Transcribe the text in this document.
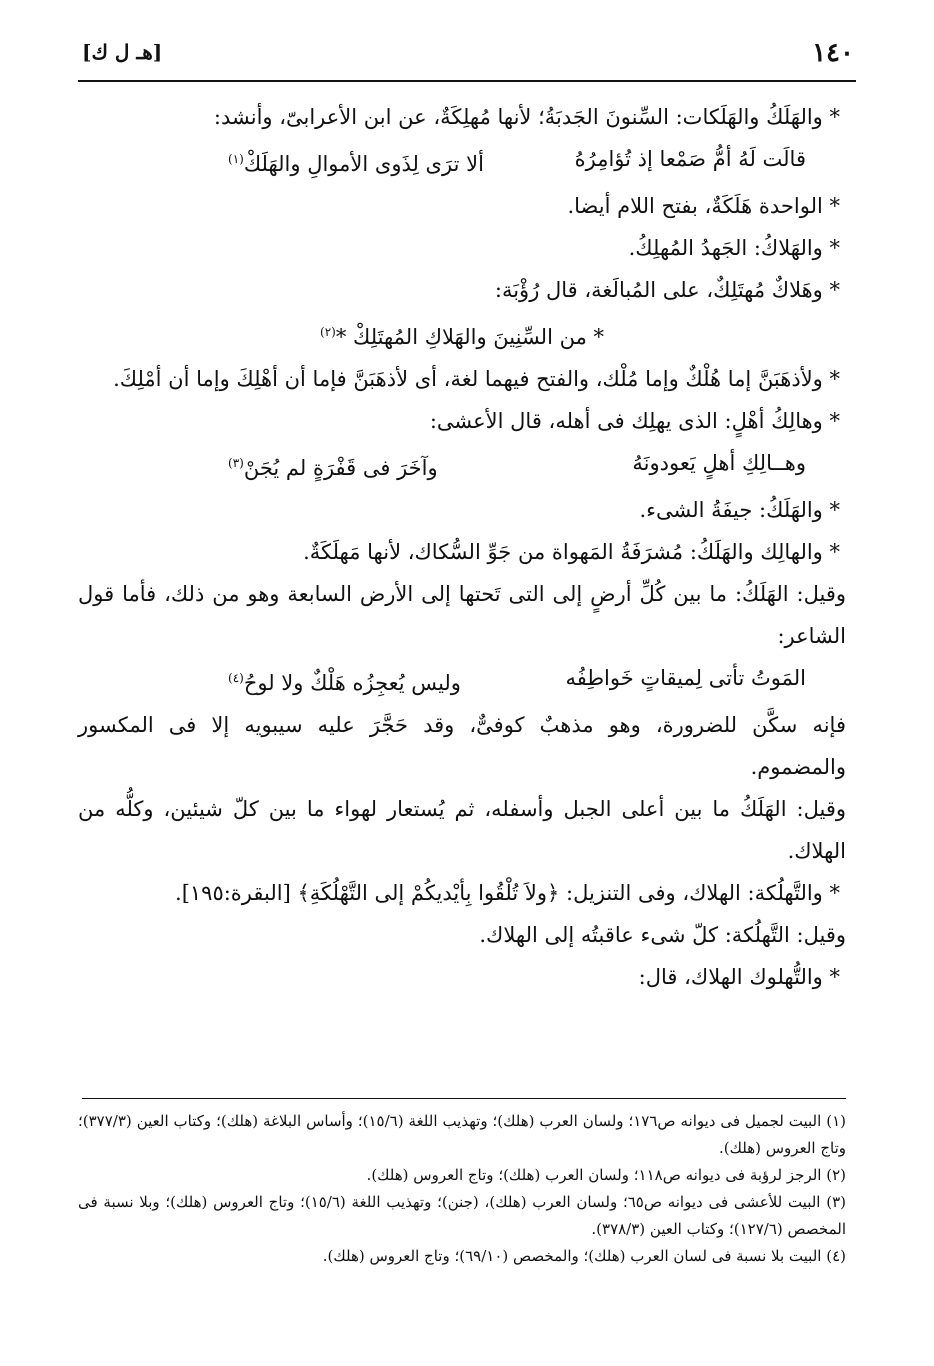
١٤٠
[هـ ل ك]

* والهَلَكُ والهَلَكات: السِّنونَ الجَدبَةُ؛ لأنها مُهلِكَةٌ، عن ابن الأعرابىّ، وأنشد:

قالَت لَهُ أمُّ صَمْعا إذ تُؤامِرُهُ
ألا ترَى لِذَوى الأموالِ والهَلَكْ$^{(١)}$

* الواحدة هَلَكَةٌ، بفتح اللام أيضا.

* والهَلاكُ: الجَهدُ المُهلِكُ.

* وهَلاكٌ مُهتَلِكٌ، على المُبالَغة، قال رُؤْبَة:

* من السِّنِينَ والهَلاكِ المُهتَلِكْ *$^{(٢)}$

* ولأذهَبَنَّ إما هُلْكٌ وإما مُلْك، والفتح فيهما لغة، أى لأذهَبَنَّ فإما أن أهْلِكَ وإما أن أمْلِكَ.

* وهالِكُ أهْلٍ: الذى يهلِك فى أهله، قال الأعشى:

وهــالِكِ أهلٍ يَعودونَهُ
وآخَرَ فى قَفْرَةٍ لم يُجَنْ$^{(٣)}$

* والهَلَكُ: جيفَةُ الشىء.

* والهالِك والهَلَكُ: مُشرَفَةُ المَهواة من جَوِّ السُّكاك، لأنها مَهلَكَةٌ.

وقيل: الهَلَكُ: ما بين كُلِّ أرضٍ إلى التى تَحتها إلى الأرض السابعة وهو من ذلك، فأما قول الشاعر:

المَوتُ تأتى لِميقاتٍ خَواطِفُه
وليس يُعجِزُه هَلْكٌ ولا لوحُ$^{(٤)}$

فإنه سكَّن للضرورة، وهو مذهبٌ كوفىٌّ، وقد حَجَّرَ عليه سيبويه إلا فى المكسور والمضموم.

وقيل: الهَلَكُ ما بين أعلى الجبل وأسفله، ثم يُستعار لهواء ما بين كلّ شيئين، وكلُّه من الهلاك.

* والتَّهلُكة: الهلاك، وفى التنزيل: ﴿ولاَ تُلْقُوا بِأيْديكُمْ إلى التَّهْلُكَةِ﴾ [البقرة:١٩٥].

وقيل: التَّهلُكة: كلّ شىء عاقبتُه إلى الهلاك.

* والتُّهلوك الهلاك، قال:

(١) البيت لجميل فى ديوانه ص١٧٦؛ ولسان العرب (هلك)؛ وتهذيب اللغة (١٥/٦)؛ وأساس البلاغة (هلك)؛ وكتاب العين (٣٧٧/٣)؛ وتاج العروس (هلك).

(٢) الرجز لرؤبة فى ديوانه ص١١٨؛ ولسان العرب (هلك)؛ وتاج العروس (هلك).

(٣) البيت للأعشى فى ديوانه ص٦٥؛ ولسان العرب (هلك)، (جنن)؛ وتهذيب اللغة (١٥/٦)؛ وتاج العروس (هلك)؛ وبلا نسبة فى المخصص (١٢٧/٦)؛ وكتاب العين (٣٧٨/٣).

(٤) البيت بلا نسبة فى لسان العرب (هلك)؛ والمخصص (٦٩/١٠)؛ وتاج العروس (هلك).
